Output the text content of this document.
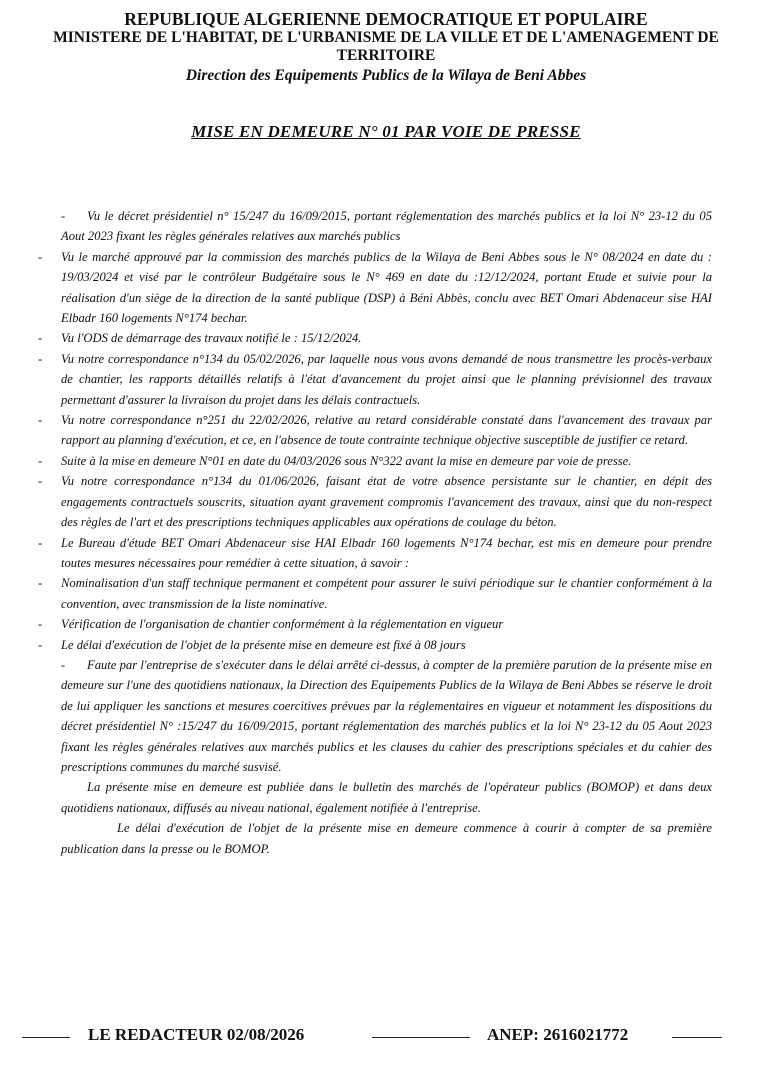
REPUBLIQUE ALGERIENNE DEMOCRATIQUE ET POPULAIRE
MINISTERE DE L'HABITAT, DE L'URBANISME DE LA VILLE ET DE L'AMENAGEMENT DE TERRITOIRE
Direction des Equipements Publics de la Wilaya de Beni Abbes
MISE EN DEMEURE N° 01 PAR VOIE DE PRESSE

- Vu le décret présidentiel n° 15/247 du 16/09/2015, portant réglementation des marchés publics et la loi N° 23-12 du 05 Aout 2023 fixant les règles générales relatives aux marchés publics

- Vu le marché approuvé par la commission des marchés publics de la Wilaya de Beni Abbes sous le N° 08/2024 en date du : 19/03/2024 et visé par le contrôleur Budgétaire sous le N° 469 en date du :12/12/2024, portant Etude et suivie pour la réalisation d'un siège de la direction de la santé publique (DSP) à Béni Abbès, conclu avec BET Omari Abdenaceur sise HAI Elbadr 160 logements N°174 bechar.

- Vu l'ODS de démarrage des travaux notifié le : 15/12/2024.

- Vu notre correspondance n°134 du 05/02/2026, par laquelle nous vous avons demandé de nous transmettre les procès-verbaux de chantier, les rapports détaillés relatifs à l'état d'avancement du projet ainsi que le planning prévisionnel des travaux permettant d'assurer la livraison du projet dans les délais contractuels.

- Vu notre correspondance n°251 du 22/02/2026, relative au retard considérable constaté dans l'avancement des travaux par rapport au planning d'exécution, et ce, en l'absence de toute contrainte technique objective susceptible de justifier ce retard.

- Suite à la mise en demeure N°01 en date du 04/03/2026 sous N°322 avant la mise en demeure par voie de presse.

- Vu notre correspondance n°134 du 01/06/2026, faisant état de votre absence persistante sur le chantier, en dépit des engagements contractuels souscrits, situation ayant gravement compromis l'avancement des travaux, ainsi que du non-respect des règles de l'art et des prescriptions techniques applicables aux opérations de coulage du béton.

- Le Bureau d'étude BET Omari Abdenaceur sise HAI Elbadr 160 logements N°174 bechar, est mis en demeure pour prendre toutes mesures nécessaires pour remédier à cette situation, à savoir :

- Nominalisation d'un staff technique permanent et compétent pour assurer le suivi périodique sur le chantier conformément à la convention, avec transmission de la liste nominative.

- Vérification de l'organisation de chantier conformément à la réglementation en vigueur

- Le délai d'exécution de l'objet de la présente mise en demeure est fixé à 08 jours

- Faute par l'entreprise de s'exécuter dans le délai arrêté ci-dessus, à compter de la première parution de la présente mise en demeure sur l'une des quotidiens nationaux, la Direction des Equipements Publics de la Wilaya de Beni Abbes se réserve le droit de lui appliquer les sanctions et mesures coercitives prévues par la réglementaires en vigueur et notamment les dispositions du décret présidentiel N° :15/247 du 16/09/2015, portant réglementation des marchés publics et la loi N° 23-12 du 05 Aout 2023 fixant les règles générales relatives aux marchés publics et les clauses du cahier des prescriptions spéciales et du cahier des prescriptions communes du marché susvisé.

La présente mise en demeure est publiée dans le bulletin des marchés de l'opérateur publics (BOMOP) et dans deux quotidiens nationaux, diffusés au niveau national, également notifiée à l'entreprise.

Le délai d'exécution de l'objet de la présente mise en demeure commence à courir à compter de sa première publication dans la presse ou le BOMOP.

LE REDACTEUR 02/08/2026	ANEP: 2616021772
